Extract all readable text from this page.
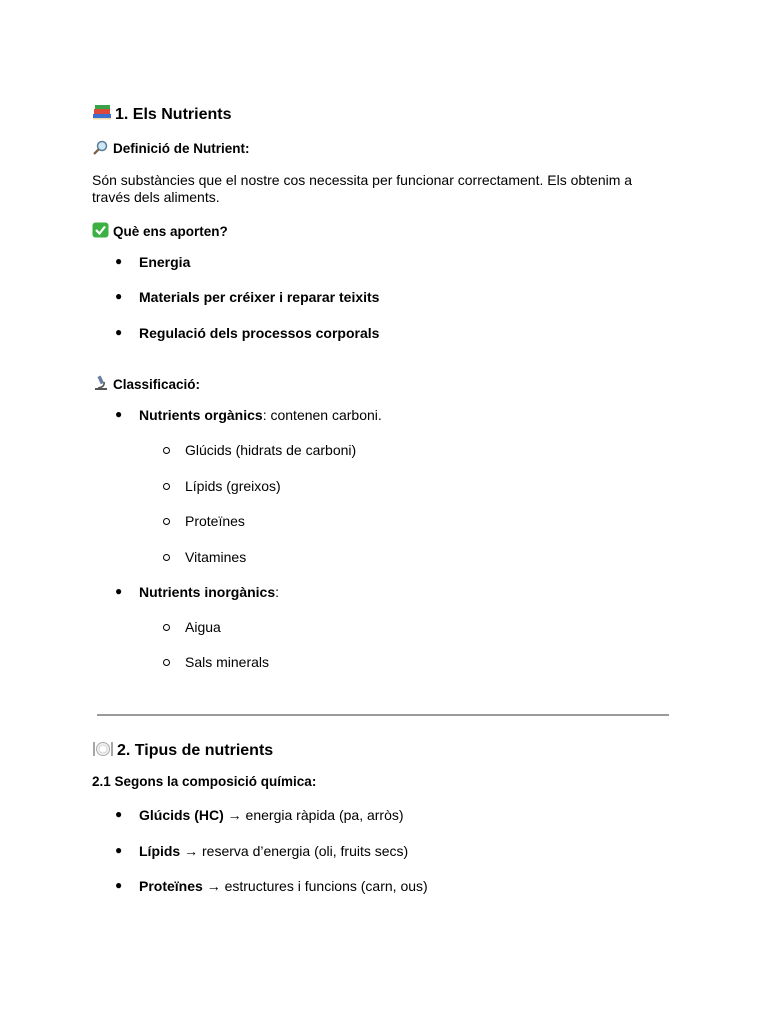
1. Els Nutrients
Definició de Nutrient:
Són substàncies que el nostre cos necessita per funcionar correctament. Els obtenim a través dels aliments.
Què ens aporten?
● Energia
● Materials per créixer i reparar teixits
● Regulació dels processos corporals
Classificació:
● Nutrients orgànics: contenen carboni.
Glúcids (hidrats de carboni)
Lípids (greixos)
Proteïnes
Vitamines
● Nutrients inorgànics:
Aigua
Sals minerals
2. Tipus de nutrients
2.1 Segons la composició química:
● Glúcids (HC) → energia ràpida (pa, arròs)
● Lípids → reserva d’energia (oli, fruits secs)
● Proteïnes → estructures i funcions (carn, ous)
